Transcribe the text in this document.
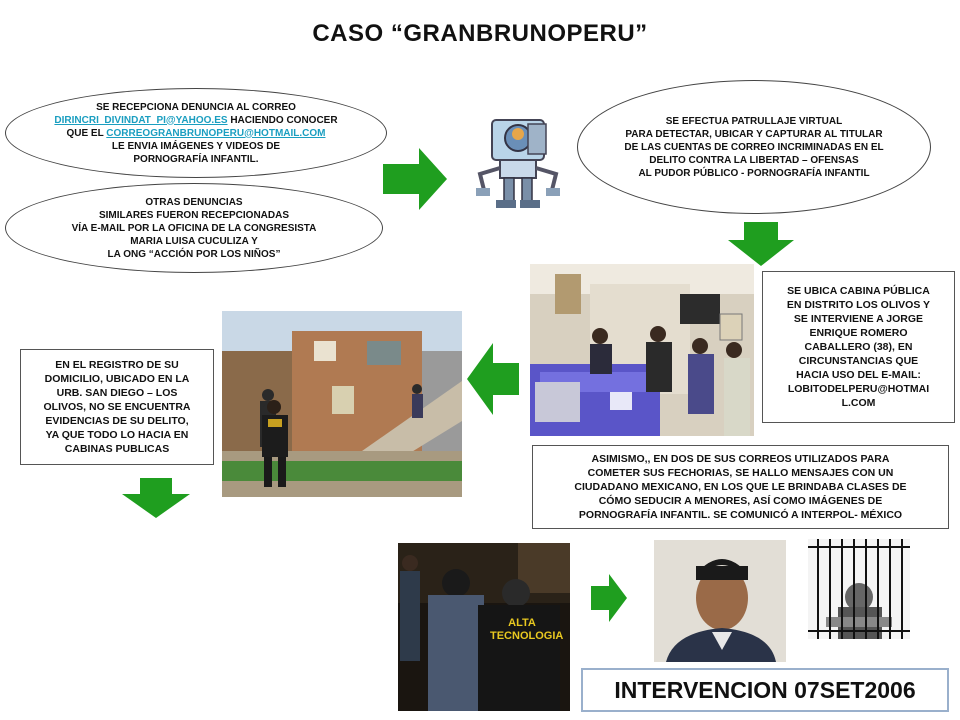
CASO “GRANBRUNOPERU”
SE RECEPCIONA DENUNCIA AL CORREO
DIRINCRI_DIVINDAT_PI@YAHOO.ES HACIENDO CONOCER
QUE EL CORREOGRANBRUNOPERU@HOTMAIL.COM
LE ENVIA IMÁGENES Y VIDEOS DE
PORNOGRAFÍA INFANTIL.
OTRAS DENUNCIAS
SIMILARES FUERON RECEPCIONADAS
VÍA E-MAIL POR LA OFICINA DE LA CONGRESISTA
MARIA LUISA CUCULIZA Y
LA ONG “ACCIÓN POR LOS NIÑOS”
SE EFECTUA PATRULLAJE VIRTUAL
PARA DETECTAR, UBICAR Y CAPTURAR AL TITULAR
DE LAS CUENTAS DE CORREO INCRIMINADAS EN EL
DELITO CONTRA LA LIBERTAD – OFENSAS
AL PUDOR PÚBLICO - PORNOGRAFÍA INFANTIL
SE UBICA CABINA PÚBLICA
EN DISTRITO LOS OLIVOS Y
SE INTERVIENE A JORGE
ENRIQUE ROMERO
CABALLERO (38), EN
CIRCUNSTANCIAS QUE
HACIA USO DEL E-MAIL:
LOBITODELPERU@HOTMAI
L.COM
EN EL REGISTRO DE SU
DOMICILIO, UBICADO EN LA
URB. SAN DIEGO – LOS
OLIVOS, NO SE ENCUENTRA
EVIDENCIAS DE SU DELITO,
YA QUE TODO LO HACIA EN
CABINAS PUBLICAS
ASIMISMO,, EN DOS DE SUS CORREOS UTILIZADOS PARA
COMETER SUS FECHORIAS, SE HALLO MENSAJES CON UN
CIUDADANO MEXICANO, EN LOS QUE LE BRINDABA CLASES DE
CÓMO SEDUCIR A MENORES, ASÍ COMO IMÁGENES DE
PORNOGRAFÍA INFANTIL. SE COMUNICÓ A INTERPOL- MÉXICO
ALTA
TECNOLOGIA
INTERVENCION 07SET2006
